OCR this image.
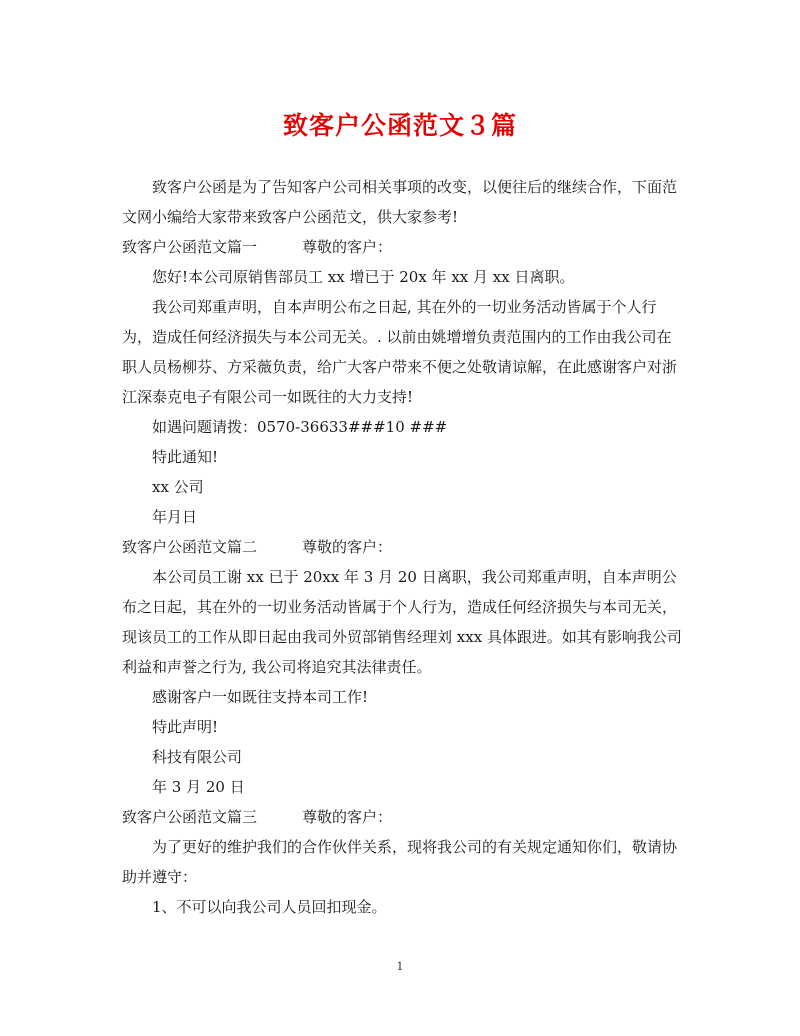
致客户公函范文３篇

致客户公函是为了告知客户公司相关事项的改变，以便往后的继续合作，下面范文网小编给大家带来致客户公函范文，供大家参考!

致客户公函范文篇一　　　尊敬的客户：

您好!本公司原销售部员工 xx 增已于 20x 年 xx 月 xx 日离职。

我公司郑重声明，自本声明公布之日起, 其在外的一切业务活动皆属于个人行为，造成任何经济损失与本公司无关。. 以前由姚增增负责范围内的工作由我公司在职人员杨柳芬、方采薇负责，给广大客户带来不便之处敬请谅解，在此感谢客户对浙江深泰克电子有限公司一如既往的大力支持!

如遇问题请拨：0570-36633###10 ###

特此通知!

xx 公司

年月日

致客户公函范文篇二　　　尊敬的客户：

本公司员工谢 xx 已于 20xx 年 3 月 20 日离职，我公司郑重声明，自本声明公布之日起，其在外的一切业务活动皆属于个人行为，造成任何经济损失与本司无关，现该员工的工作从即日起由我司外贸部销售经理刘 xxx 具体跟进。如其有影响我公司利益和声誉之行为, 我公司将追究其法律责任。

感谢客户一如既往支持本司工作!

特此声明!

科技有限公司

年 3 月 20 日

致客户公函范文篇三　　　尊敬的客户：

为了更好的维护我们的合作伙伴关系，现将我公司的有关规定通知你们，敬请协助并遵守：

1、不可以向我公司人员回扣现金。

1
